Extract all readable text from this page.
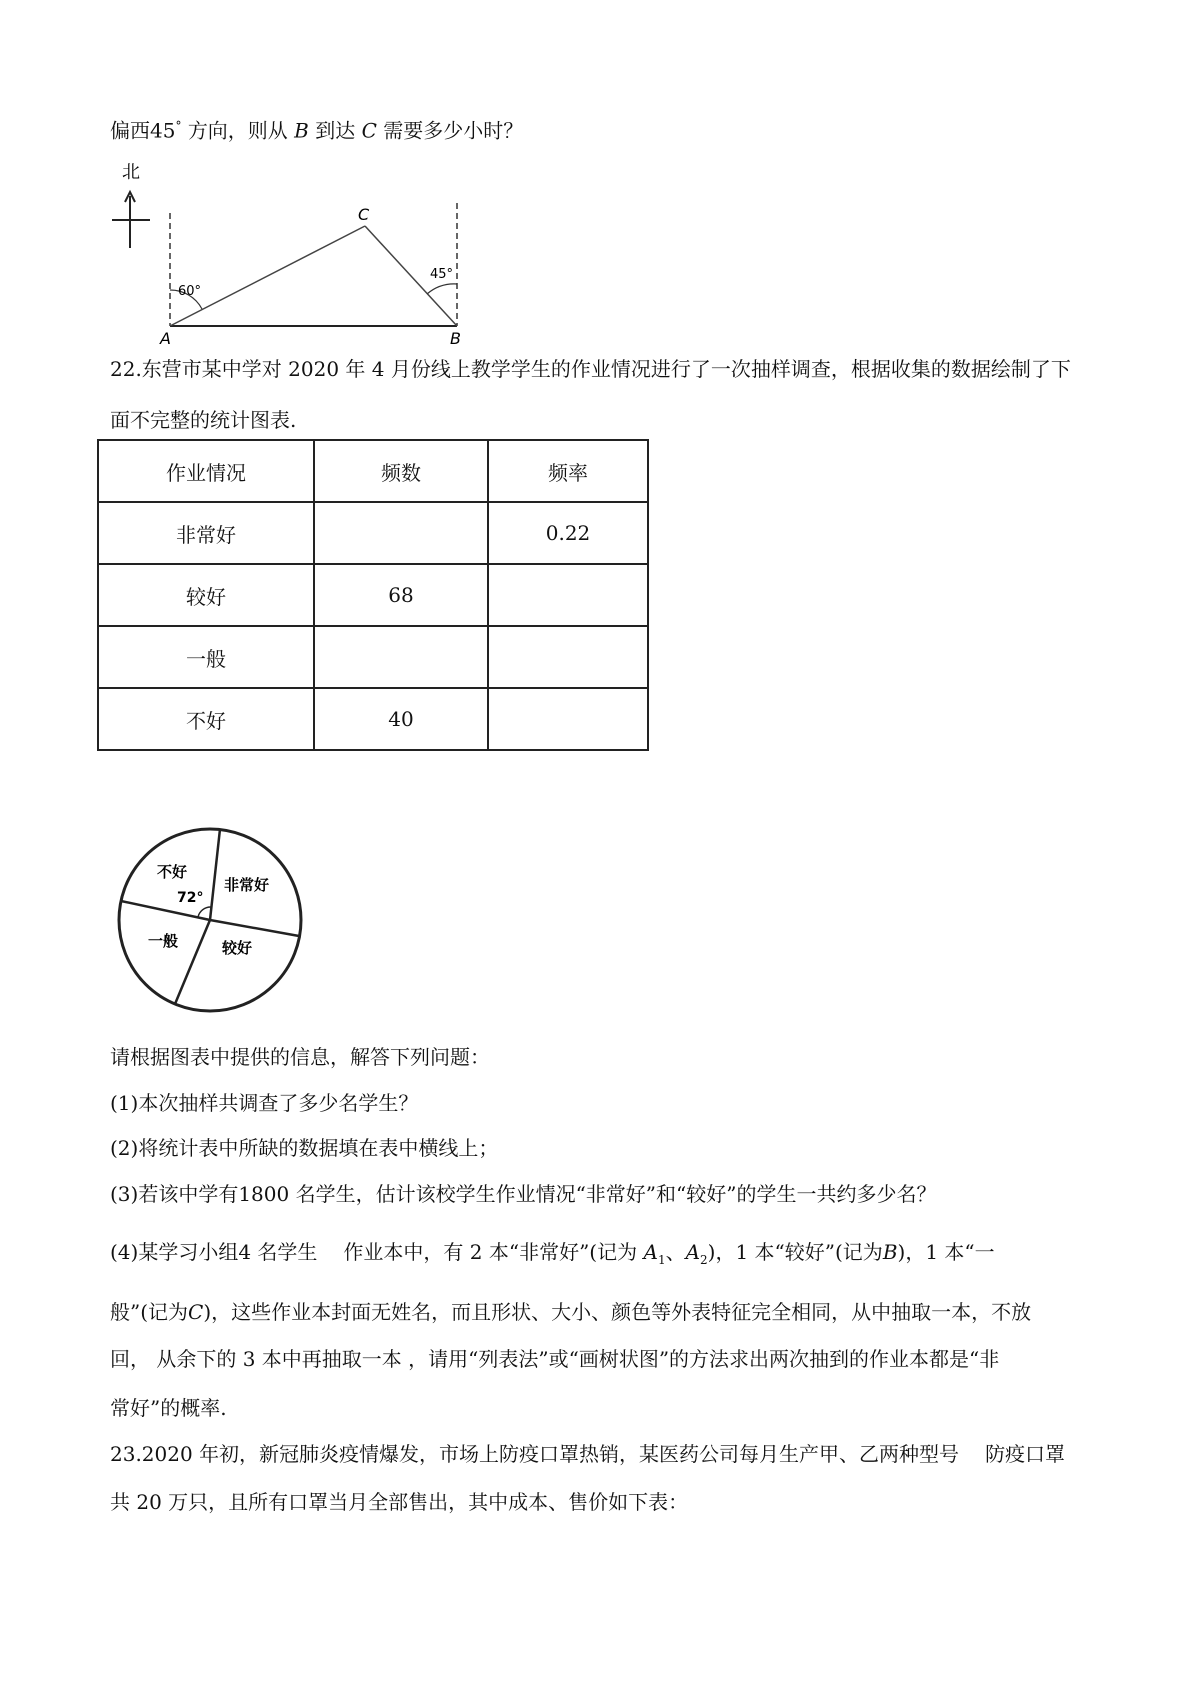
偏西45° 方向，则从 B 到达 C 需要多少小时？
北
60°
45°
C
A	B
22.东营市某中学对 2020 年 4 月份线上教学学生的作业情况进行了一次抽样调查，根据收集的数据绘制了下
面不完整的统计图表.
作业情况	频数	频率
非常好		0.22
较好	68	
一般		
不好	40	
不好
非常好
一般	较好
72°
请根据图表中提供的信息，解答下列问题：
(1)本次抽样共调查了多少名学生？
(2)将统计表中所缺的数据填在表中横线上；
(3)若该中学有1800 名学生，估计该校学生作业情况“非常好”和“较好”的学生一共约多少名？
(4)某学习小组4 名学生 作业本中，有 2 本“非常好”(记为 $A_1$、$A_2$)，1 本“较好”(记为B)，1 本“一
般”(记为C)，这些作业本封面无姓名，而且形状、大小、颜色等外表特征完全相同，从中抽取一本，不放
回， 从余下的 3 本中再抽取一本 ，请用“列表法”或“画树状图”的方法求出两次抽到的作业本都是“非
常好”的概率.
23.2020 年初，新冠肺炎疫情爆发，市场上防疫口罩热销，某医药公司每月生产甲、乙两种型号 防疫口罩
共 20 万只，且所有口罩当月全部售出，其中成本、售价如下表：
